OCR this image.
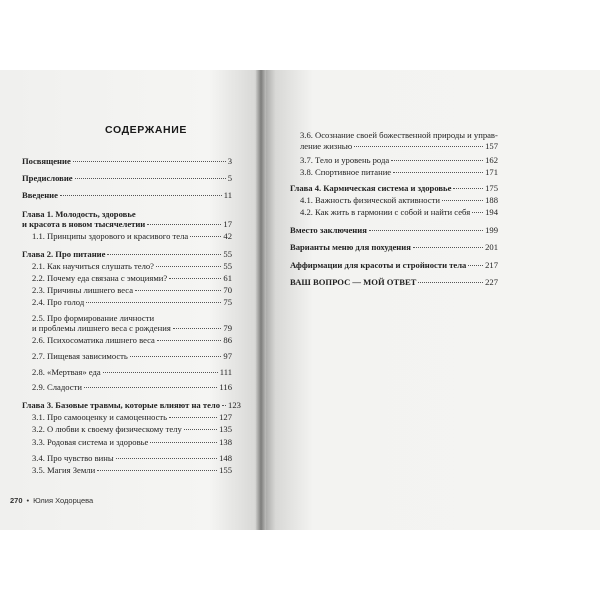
СОДЕРЖАНИЕ
Посвящение	3
Предисловие	5
Введение	11
Глава 1. Молодость, здоровье
и красота в новом тысячелетии	17
1.1. Принципы здорового и красивого тела	42
Глава 2. Про питание	55
2.1. Как научиться слушать тело?	55
2.2. Почему еда связана с эмоциями?	61
2.3. Причины лишнего веса	70
2.4. Про голод	75
2.5. Про формирование личности
и проблемы лишнего веса с рождения	79
2.6. Психосоматика лишнего веса	86
2.7. Пищевая зависимость	97
2.8. «Мертвая» еда	111
2.9. Сладости	116
Глава 3. Базовые травмы, которые влияют на тело 123
3.1. Про самооценку и самоценность	127
3.2. О любви к своему физическому телу	135
3.3. Родовая система и здоровье	138
3.4. Про чувство вины	148
3.5. Магия Земли	155
270 • Юлия Ходорцева
3.6. Осознание своей божественной природы и управ-
ление жизнью	157
3.7. Тело и уровень рода	162
3.8. Спортивное питание	171
Глава 4. Кармическая система и здоровье	175
4.1. Важность физической активности	188
4.2. Как жить в гармонии с собой и найти себя 194
Вместо заключения	199
Варианты меню для похудения	201
Аффирмации для красоты и стройности тела 217
ВАШ ВОПРОС — МОЙ ОТВЕТ	227
